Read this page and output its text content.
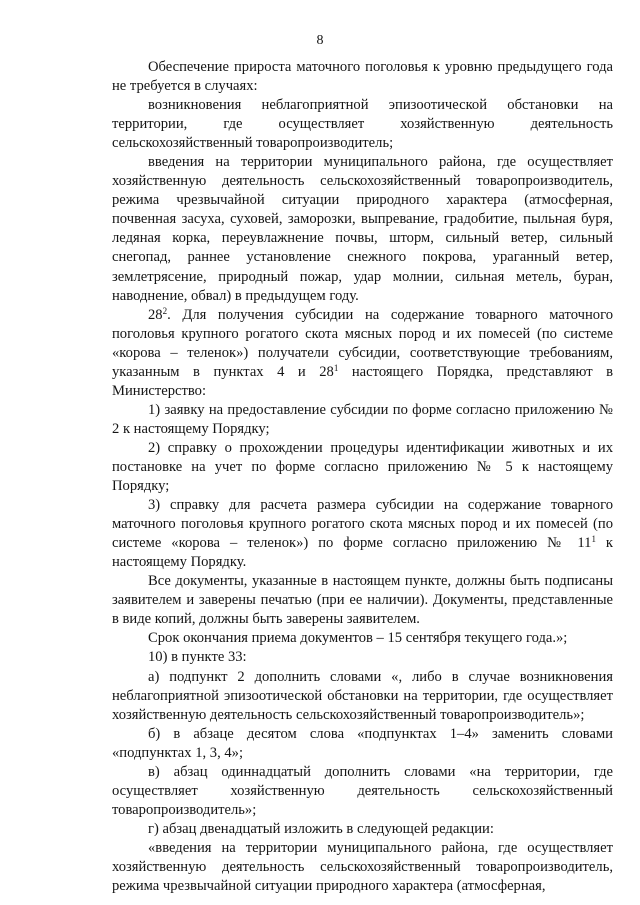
8

Обеспечение прироста маточного поголовья к уровню предыдущего года не требуется в случаях:

возникновения неблагоприятной эпизоотической обстановки на территории, где осуществляет хозяйственную деятельность сельскохозяйственный товаропроизводитель;

введения на территории муниципального района, где осуществляет хозяйственную деятельность сельскохозяйственный товаропроизводитель, режима чрезвычайной ситуации природного характера (атмосферная, почвенная засуха, суховей, заморозки, выпревание, градобитие, пыльная буря, ледяная корка, переувлажнение почвы, шторм, сильный ветер, сильный снегопад, раннее установление снежного покрова, ураганный ветер, землетрясение, природный пожар, удар молнии, сильная метель, буран, наводнение, обвал) в предыдущем году.

$28^2$. Для получения субсидии на содержание товарного маточного поголовья крупного рогатого скота мясных пород и их помесей (по системе «корова – теленок») получатели субсидии, соответствующие требованиям, указанным в пунктах 4 и $28^1$ настоящего Порядка, представляют в Министерство:

1) заявку на предоставление субсидии по форме согласно приложению № 2 к настоящему Порядку;

2) справку о прохождении процедуры идентификации животных и их постановке на учет по форме согласно приложению № 5 к настоящему Порядку;

3) справку для расчета размера субсидии на содержание товарного маточного поголовья крупного рогатого скота мясных пород и их помесей (по системе «корова – теленок») по форме согласно приложению № $11^1$ к настоящему Порядку.

Все документы, указанные в настоящем пункте, должны быть подписаны заявителем и заверены печатью (при ее наличии). Документы, представленные в виде копий, должны быть заверены заявителем.

Срок окончания приема документов – 15 сентября текущего года.»;

10) в пункте 33:

а) подпункт 2 дополнить словами «, либо в случае возникновения неблагоприятной эпизоотической обстановки на территории, где осуществляет хозяйственную деятельность сельскохозяйственный товаропроизводитель»;

б) в абзаце десятом слова «подпунктах 1–4» заменить словами «подпунктах 1, 3, 4»;

в) абзац одиннадцатый дополнить словами «на территории, где осуществляет хозяйственную деятельность сельскохозяйственный товаропроизводитель»;

г) абзац двенадцатый изложить в следующей редакции:

«введения на территории муниципального района, где осуществляет хозяйственную деятельность сельскохозяйственный товаропроизводитель, режима чрезвычайной ситуации природного характера (атмосферная,
